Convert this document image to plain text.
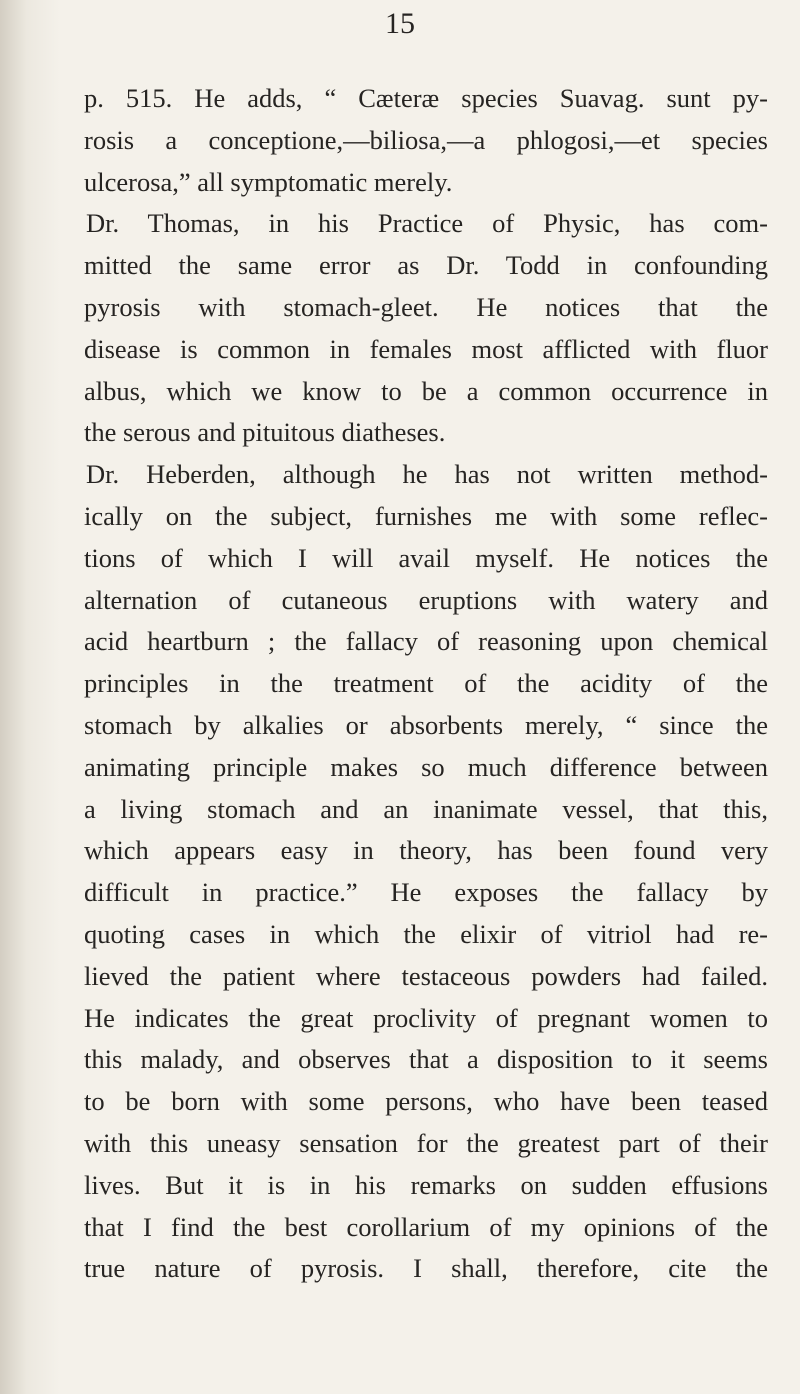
15
p. 515. He adds, “ Cæteræ species Suavag. sunt py-
rosis a conceptione,—biliosa,—a phlogosi,—et species
ulcerosa,” all symptomatic merely.
Dr. Thomas, in his Practice of Physic, has com-
mitted the same error as Dr. Todd in confounding
pyrosis with stomach-gleet. He notices that the
disease is common in females most afflicted with fluor
albus, which we know to be a common occurrence in
the serous and pituitous diatheses.
Dr. Heberden, although he has not written method-
ically on the subject, furnishes me with some reflec-
tions of which I will avail myself. He notices the
alternation of cutaneous eruptions with watery and
acid heartburn ; the fallacy of reasoning upon chemical
principles in the treatment of the acidity of the
stomach by alkalies or absorbents merely, “ since the
animating principle makes so much difference between
a living stomach and an inanimate vessel, that this,
which appears easy in theory, has been found very
difficult in practice.” He exposes the fallacy by
quoting cases in which the elixir of vitriol had re-
lieved the patient where testaceous powders had failed.
He indicates the great proclivity of pregnant women to
this malady, and observes that a disposition to it seems
to be born with some persons, who have been teased
with this uneasy sensation for the greatest part of their
lives. But it is in his remarks on sudden effusions
that I find the best corollarium of my opinions of the
true nature of pyrosis. I shall, therefore, cite the
